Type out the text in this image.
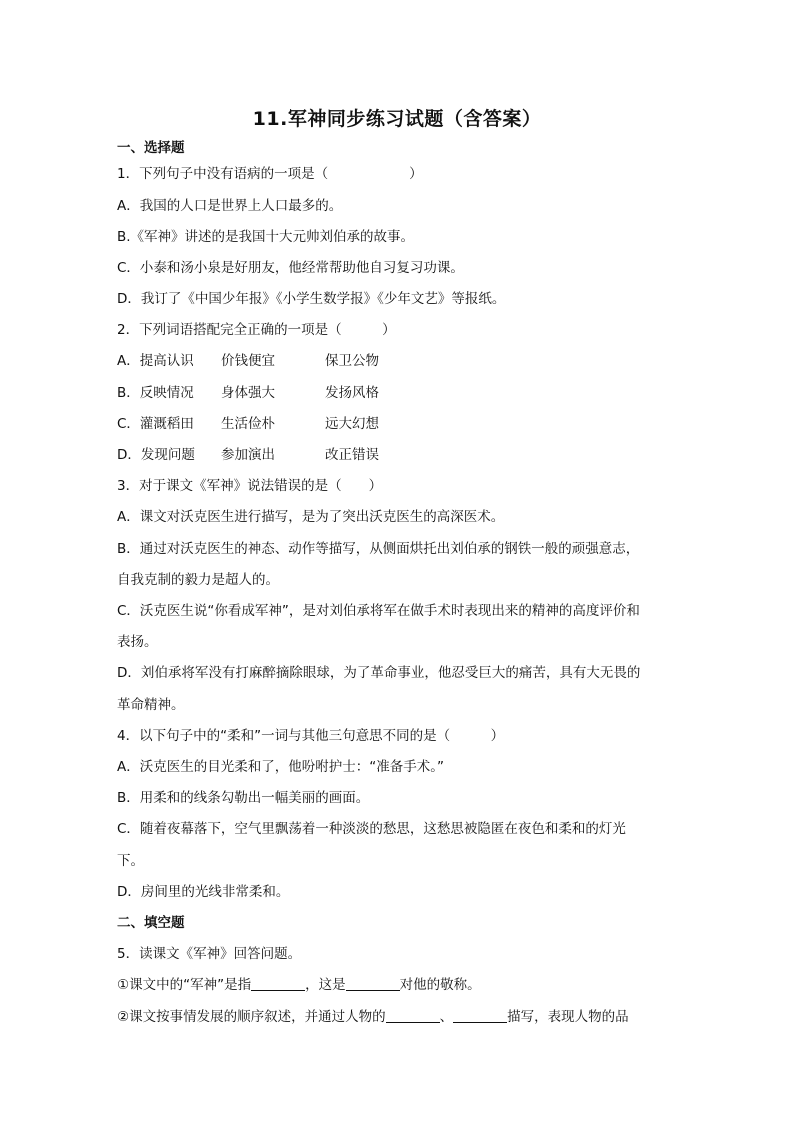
11.军神同步练习试题（含答案）
一、选择题
1．下列句子中没有语病的一项是（　　　　　　）
A．我国的人口是世界上人口最多的。
B.《军神》讲述的是我国十大元帅刘伯承的故事。
C．小泰和汤小泉是好朋友，他经常帮助他自习复习功课。
D．我订了《中国少年报》《小学生数学报》《少年文艺》等报纸。
2．下列词语搭配完全正确的一项是（　　　）
A．提高认识 价钱便宜	保卫公物
B．反映情况 身体强大	发扬风格
C．灌溉稻田 生活俭朴	远大幻想
D．发现问题 参加演出	改正错误
3．对于课文《军神》说法错误的是（　　）
A．课文对沃克医生进行描写，是为了突出沃克医生的高深医术。
B．通过对沃克医生的神态、动作等描写，从侧面烘托出刘伯承的钢铁一般的顽强意志，
自我克制的毅力是超人的。
C．沃克医生说“你看成军神”，是对刘伯承将军在做手术时表现出来的精神的高度评价和
表扬。
D．刘伯承将军没有打麻醉摘除眼球，为了革命事业，他忍受巨大的痛苦，具有大无畏的
革命精神。
4．以下句子中的“柔和”一词与其他三句意思不同的是（　　　）
A．沃克医生的目光柔和了，他吩咐护士：“准备手术。”
B．用柔和的线条勾勒出一幅美丽的画面。
C．随着夜幕落下，空气里飘荡着一种淡淡的愁思，这愁思被隐匿在夜色和柔和的灯光
下。
D．房间里的光线非常柔和。
二、填空题
5．读课文《军神》回答问题。
①课文中的“军神”是指	，这是	对他的敬称。
②课文按事情发展的顺序叙述，并通过人物的	、	描写，表现人物的品
